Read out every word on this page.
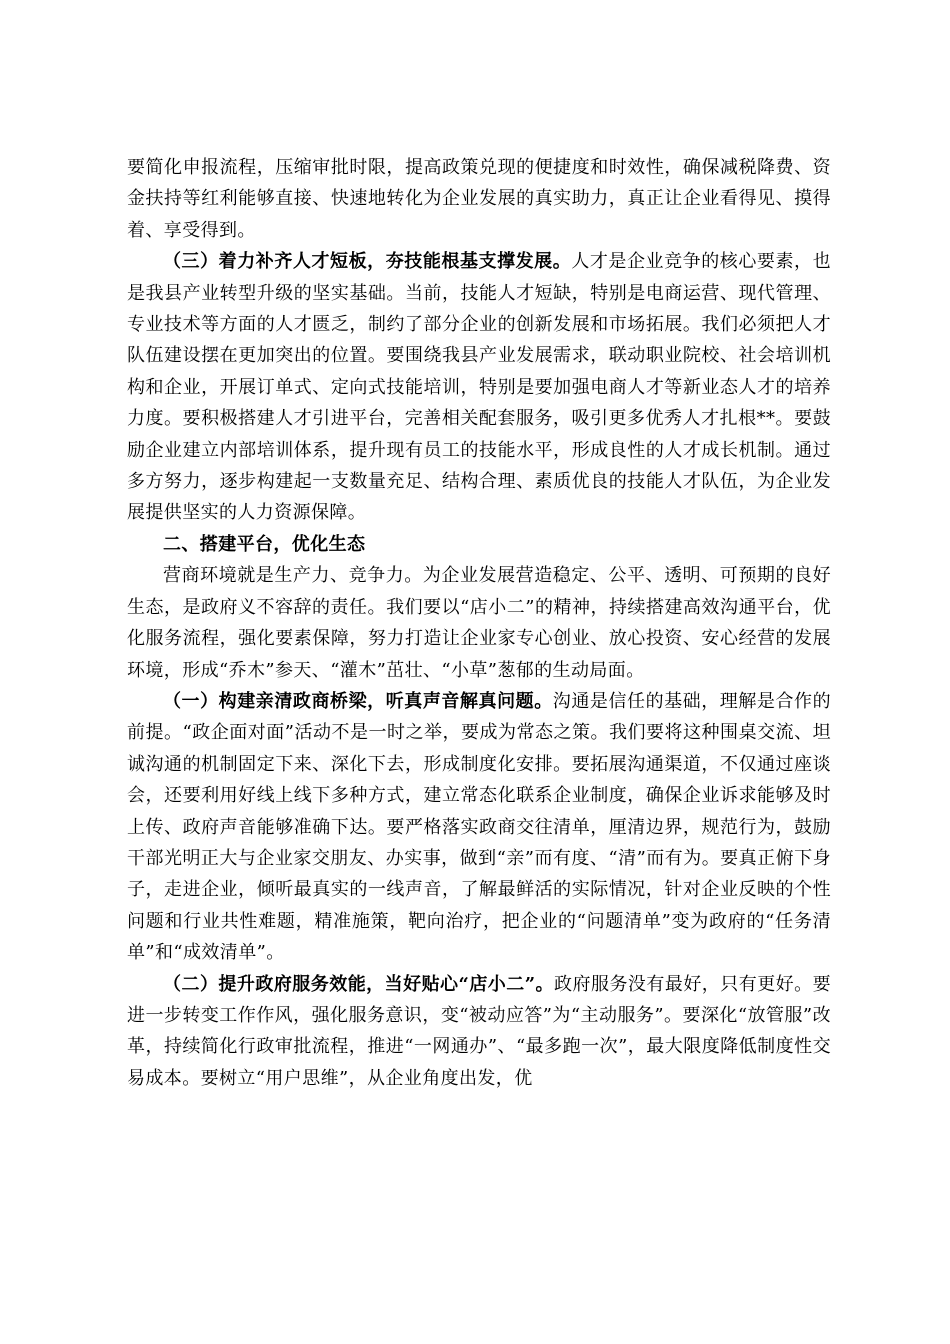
要简化申报流程，压缩审批时限，提高政策兑现的便捷度和时效性，确保减税降费、资金扶持等红利能够直接、快速地转化为企业发展的真实助力，真正让企业看得见、摸得着、享受得到。

（三）着力补齐人才短板，夯技能根基支撑发展。人才是企业竞争的核心要素，也是我县产业转型升级的坚实基础。当前，技能人才短缺，特别是电商运营、现代管理、专业技术等方面的人才匮乏，制约了部分企业的创新发展和市场拓展。我们必须把人才队伍建设摆在更加突出的位置。要围绕我县产业发展需求，联动职业院校、社会培训机构和企业，开展订单式、定向式技能培训，特别是要加强电商人才等新业态人才的培养力度。要积极搭建人才引进平台，完善相关配套服务，吸引更多优秀人才扎根**。要鼓励企业建立内部培训体系，提升现有员工的技能水平，形成良性的人才成长机制。通过多方努力，逐步构建起一支数量充足、结构合理、素质优良的技能人才队伍，为企业发展提供坚实的人力资源保障。

二、搭建平台，优化生态

营商环境就是生产力、竞争力。为企业发展营造稳定、公平、透明、可预期的良好生态，是政府义不容辞的责任。我们要以“店小二”的精神，持续搭建高效沟通平台，优化服务流程，强化要素保障，努力打造让企业家专心创业、放心投资、安心经营的发展环境，形成“乔木”参天、“灌木”茁壮、“小草”葱郁的生动局面。

（一）构建亲清政商桥梁，听真声音解真问题。沟通是信任的基础，理解是合作的前提。“政企面对面”活动不是一时之举，要成为常态之策。我们要将这种围桌交流、坦诚沟通的机制固定下来、深化下去，形成制度化安排。要拓展沟通渠道，不仅通过座谈会，还要利用好线上线下多种方式，建立常态化联系企业制度，确保企业诉求能够及时上传、政府声音能够准确下达。要严格落实政商交往清单，厘清边界，规范行为，鼓励干部光明正大与企业家交朋友、办实事，做到“亲”而有度、“清”而有为。要真正俯下身子，走进企业，倾听最真实的一线声音，了解最鲜活的实际情况，针对企业反映的个性问题和行业共性难题，精准施策，靶向治疗，把企业的“问题清单”变为政府的“任务清单”和“成效清单”。

（二）提升政府服务效能，当好贴心“店小二”。政府服务没有最好，只有更好。要进一步转变工作作风，强化服务意识，变“被动应答”为“主动服务”。要深化“放管服”改革，持续简化行政审批流程，推进“一网通办”、“最多跑一次”，最大限度降低制度性交易成本。要树立“用户思维”，从企业角度出发，优
